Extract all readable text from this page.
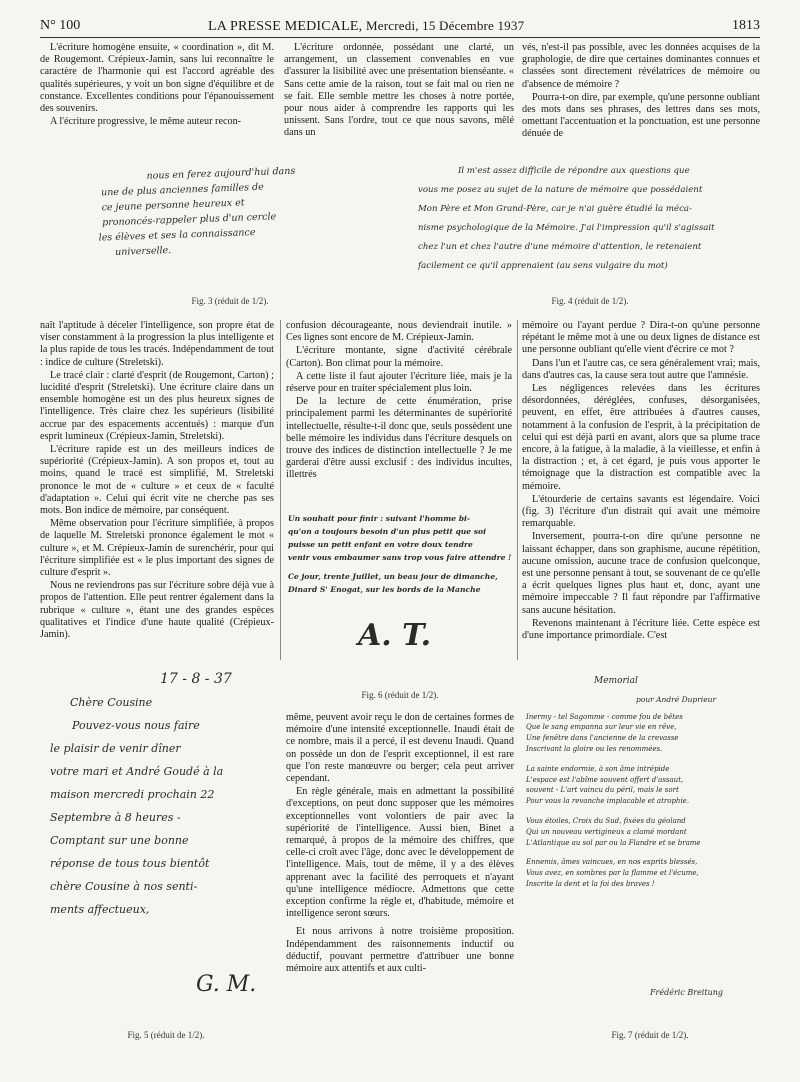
N° 100	LA PRESSE MEDICALE, Mercredi, 15 Décembre 1937	1813

L'écriture homogène ensuite, « coordination », dit M. de Rougemont. Crépieux-Jamin, sans lui reconnaître le caractère de l'harmonie qui est l'accord agréable des qualités supérieures, y voit un bon signe d'équilibre et de constance. Excellentes conditions pour l'épanouissement des souvenirs.

A l'écriture progressive, le même auteur recon-

L'écriture ordonnée, possédant une clarté, un arrangement, un classement convenables en vue d'assurer la lisibilité avec une présentation bienséante. « Sans cette amie de la raison, tout se fait mal ou rien ne se fait. Elle semble mettre les choses à notre portée, pour nous aider à comprendre les rapports qui les unissent. Sans l'ordre, tout ce que nous savons, mêlé dans un

vés, n'est-il pas possible, avec les données acquises de la graphologie, de dire que certaines dominantes connues et classées sont directement révélatrices de mémoire ou d'absence de mémoire ?

Pourra-t-on dire, par exemple, qu'une personne oubliant des mots dans ses phrases, des lettres dans ses mots, omettant l'accentuation et la ponctuation, est une personne dénuée de

nous en ferez aujourd'hui dans
une de plus anciennes familles de
ce jeune personne heureux et
prononcés-rappeler plus d'un cercle
les élèves et ses la connaissance
universelle.
Fig. 3 (réduit de 1/2).
Il m'est assez difficile de répondre aux questions que
vous me posez au sujet de la nature de mémoire que possédaient
Mon Père et Mon Grand-Père, car je n'ai guère étudié la méca-
nisme psychologique de la Mémoire. J'ai l'impression qu'il s'agissait
chez l'un et chez l'autre d'une mémoire d'attention, le retenaient
facilement ce qu'il apprenaient (au sens vulgaire du mot)
Fig. 4 (réduit de 1/2).

naît l'aptitude à déceler l'intelligence, son propre état de viser constamment à la progression la plus intelligente et la plus rapide de tous les tracés. Indépendamment de tout : indice de culture (Streletski).

Le tracé clair : clarté d'esprit (de Rougemont, Carton) ; lucidité d'esprit (Streletski). Une écriture claire dans un ensemble homogène est un des plus heureux signes de l'intelligence. Très claire chez les supérieurs (lisibilité accrue par des espacements accentués) : marque d'un esprit lumineux (Crépieux-Jamin, Streletski).

L'écriture rapide est un des meilleurs indices de supériorité (Crépieux-Jamin). A son propos et, tout au moins, quand le tracé est simplifié, M. Streletski prononce le mot de « culture » et ceux de « faculté d'adaptation ». Celui qui écrit vite ne cherche pas ses mots. Bon indice de mémoire, par conséquent.

Même observation pour l'écriture simplifiée, à propos de laquelle M. Streletski prononce également le mot « culture », et M. Crépieux-Jamin de surenchérir, pour qui l'écriture simplifiée est « le plus important des signes de culture d'esprit ».

Nous ne reviendrons pas sur l'écriture sobre déjà vue à propos de l'attention. Elle peut rentrer également dans la rubrique « culture », étant une des grandes espèces qualitatives et l'indice d'une haute qualité (Crépieux-Jamin).

confusion décourageante, nous deviendrait inutile. » Ces lignes sont encore de M. Crépieux-Jamin.

L'écriture montante, signe d'activité cérébrale (Carton). Bon climat pour la mémoire.

A cette liste il faut ajouter l'écriture liée, mais je la réserve pour en traiter spécialement plus loin.

De la lecture de cette énumération, prise principalement parmi les déterminantes de supériorité intellectuelle, résulte-t-il donc que, seuls possèdent une belle mémoire les individus dans l'écriture desquels on trouve des indices de distinction intellectuelle ? Je me garderai d'être aussi exclusif : des individus incultes, illettrés

mémoire ou l'ayant perdue ? Dira-t-on qu'une personne répétant le même mot à une ou deux lignes de distance est une personne oubliant qu'elle vient d'écrire ce mot ?

Dans l'un et l'autre cas, ce sera généralement vrai; mais, dans d'autres cas, la cause sera tout autre que l'amnésie.

Les négligences relevées dans les écritures désordonnées, déréglées, confuses, désorganisées, peuvent, en effet, être attribuées à d'autres causes, notamment à la confusion de l'esprit, à la précipitation de celui qui est déjà parti en avant, alors que sa plume trace encore, à la fatigue, à la maladie, à la vieillesse, et enfin à la distraction ; et, à cet égard, je puis vous apporter le témoignage que la distraction est compatible avec la mémoire.

L'étourderie de certains savants est légendaire. Voici (fig. 3) l'écriture d'un distrait qui avait une mémoire remarquable.

Inversement, pourra-t-on dire qu'une personne ne laissant échapper, dans son graphisme, aucune répétition, aucune omission, aucune trace de confusion quelconque, est une personne pensant à tout, se souvenant de ce qu'elle a écrit quelques lignes plus haut et, donc, ayant une mémoire impeccable ? Il faut répondre par l'affirmative sans aucune hésitation.

Revenons maintenant à l'écriture liée. Cette espèce est d'une importance primordiale. C'est

Un souhait pour finir : suivant l'homme bi-
qu'on a toujours besoin d'un plus petit que soi
puisse un petit enfant en votre doux tendre
venir vous embaumer sans trop vous faire attendre !
Ce jour, trente Juillet, un beau jour de dimanche,
Dinard S' Enogat, sur les bords de la Manche
A. T.
Fig. 6 (réduit de 1/2).
17 - 8 - 37
Chère Cousine
Pouvez-vous nous faire
le plaisir de venir dîner
votre mari et André Goudé à la
maison mercredi prochain 22
Septembre à 8 heures -
Comptant sur une bonne
réponse de tous tous bientôt
chère Cousine à nos senti-
ments affectueux,
G. M.
Fig. 5 (réduit de 1/2).

même, peuvent avoir reçu le don de certaines formes de mémoire d'une intensité exceptionnelle. Inaudi était de ce nombre, mais il a percé, il est devenu Inaudi. Quand on possède un don de l'esprit exceptionnel, il est rare que l'on reste manœuvre ou berger; cela peut arriver cependant.

En règle générale, mais en admettant la possibilité d'exceptions, on peut donc supposer que les mémoires exceptionnelles vont volontiers de pair avec la supériorité de l'intelligence. Aussi bien, Binet a remarqué, à propos de la mémoire des chiffres, que celle-ci croît avec l'âge, donc avec le développement de l'intelligence. Mais, tout de même, il y a des élèves apprenant avec la facilité des perroquets et n'ayant qu'une intelligence médiocre. Admettons que cette exception confirme la règle et, d'habitude, mémoire et intelligence seront sœurs.

Et nous arrivons à notre troisième proposition. Indépendamment des raisonnements inductif ou déductif, pouvant permettre d'attribuer une bonne mémoire aux attentifs et aux culti-

Memorial
pour André Duprieur
Inermy - tel Sagomme - comme fou de bêtes
Que le sang empanna sur leur vie en rêve,
Une fenêtre dans l'ancienne de la crevasse
Inscrivant la gloire ou les renommées.
La sainte endormie, à son âme intrépide
L'espace est l'abîme souvent offert d'assaut,
souvent - L'art vaincu du péril, mais le sort
Pour vous la revanche implacable et atrophie.
Vous étoiles, Croix du Sud, fixées du géoland
Qui un nouveau vertigineux a clamé mordant
L'Atlantique au sol par ou la Flandre et se brame
Ennemis, âmes vaincues, en nos esprits blessés,
Vous avez, en sombres par la flamme et l'écume,
Inscrite la dent et la foi des braves !
Frédéric Breitung
Fig. 7 (réduit de 1/2).
